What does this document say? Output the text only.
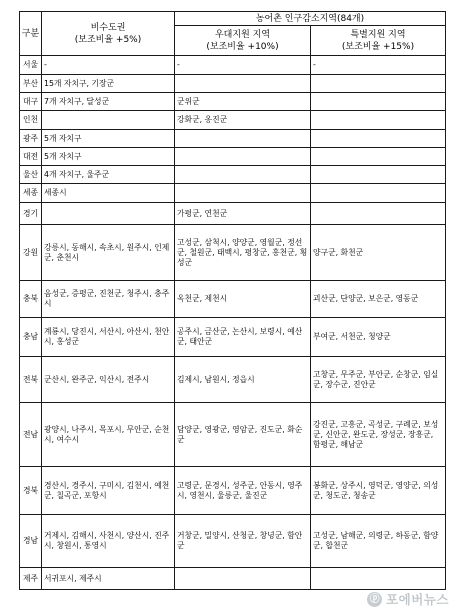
구분	비수도권
(보조비율 +5%)	농어촌 인구감소지역(84개)	

		우대지원 지역
(보조비율 +10%)	특별지원 지역
(보조비율 +15%)

서울	-	-	-
부산	15개 자치구, 기장군		
대구	7개 자치구, 달성군	군위군	
인천		강화군, 옹진군	
광주	5개 자치구		
대전	5개 자치구		
울산	4개 자치구, 울주군		
세종	세종시		
경기		가평군, 연천군	
강원	강릉시, 동해시, 속초시, 원주시, 인제군, 춘천시	고성군, 삼척시, 양양군, 영월군, 정선군, 철원군, 태백시, 평창군, 홍천군, 횡성군	양구군, 화천군
충북	음성군, 증평군, 진천군, 청주시, 충주시	옥천군, 제천시	괴산군, 단양군, 보은군, 영동군
충남	계룡시, 당진시, 서산시, 아산시, 천안시, 홍성군	공주시, 금산군, 논산시, 보령시, 예산군, 태안군	부여군, 서천군, 청양군
전북	군산시, 완주군, 익산시, 전주시	김제시, 남원시, 정읍시	고창군, 무주군, 부안군, 순창군, 임실군, 장수군, 진안군
전남	광양시, 나주시, 목포시, 무안군, 순천시, 여수시	담양군, 영광군, 영암군, 진도군, 화순군	강진군, 고흥군, 곡성군, 구례군, 보성군, 신안군, 완도군, 장성군, 장흥군, 함평군, 해남군
경북	경산시, 경주시, 구미시, 김천시, 예천군, 칠곡군, 포항시	고령군, 문경시, 성주군, 안동시, 영주시, 영천시, 울릉군, 울진군	봉화군, 상주시, 영덕군, 영양군, 의성군, 청도군, 청송군
경남	거제시, 김해시, 사천시, 양산시, 진주시, 창원시, 통영시	거창군, 밀양시, 산청군, 창녕군, 함안군	고성군, 남해군, 의령군, 하동군, 함양군, 합천군
제주	서귀포시, 제주시		
ⓟ 포에버뉴스
